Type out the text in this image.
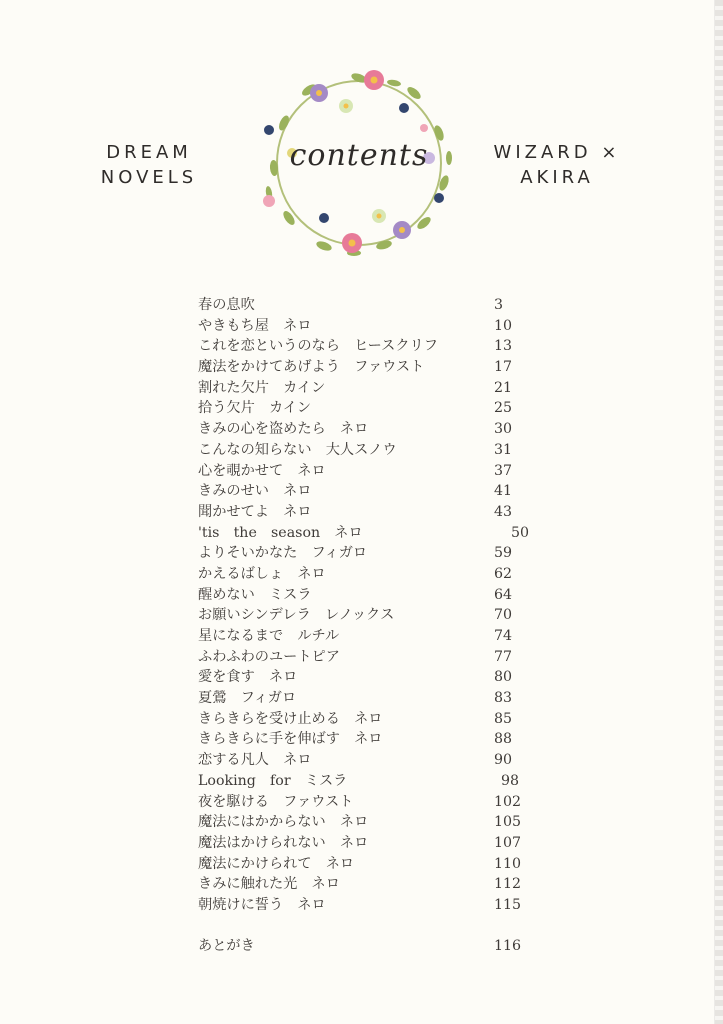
DREAM
NOVELS
WIZARD ×
AKIRA
contents
春の息吹	3
やきもち屋　ネロ	10
これを恋というのなら　ヒースクリフ	13
魔法をかけてあげよう　ファウスト	17
割れた欠片　カイン	21
拾う欠片　カイン	25
きみの心を盗めたら　ネロ	30
こんなの知らない　大人スノウ	31
心を覗かせて　ネロ	37
きみのせい　ネロ	41
聞かせてよ　ネロ	43
'tis　the　season　ネロ	50
よりそいかなた　フィガロ	59
かえるばしょ　ネロ	62
醒めない　ミスラ	64
お願いシンデレラ　レノックス	70
星になるまで　ルチル	74
ふわふわのユートピア	77
愛を食す　ネロ	80
夏鶯　フィガロ	83
きらきらを受け止める　ネロ	85
きらきらに手を伸ばす　ネロ	88
恋する凡人　ネロ	90
Looking　for　ミスラ	98
夜を駆ける　ファウスト	102
魔法にはかからない　ネロ	105
魔法はかけられない　ネロ	107
魔法にかけられて　ネロ	110
きみに触れた光　ネロ	112
朝焼けに誓う　ネロ	115
あとがき	116
